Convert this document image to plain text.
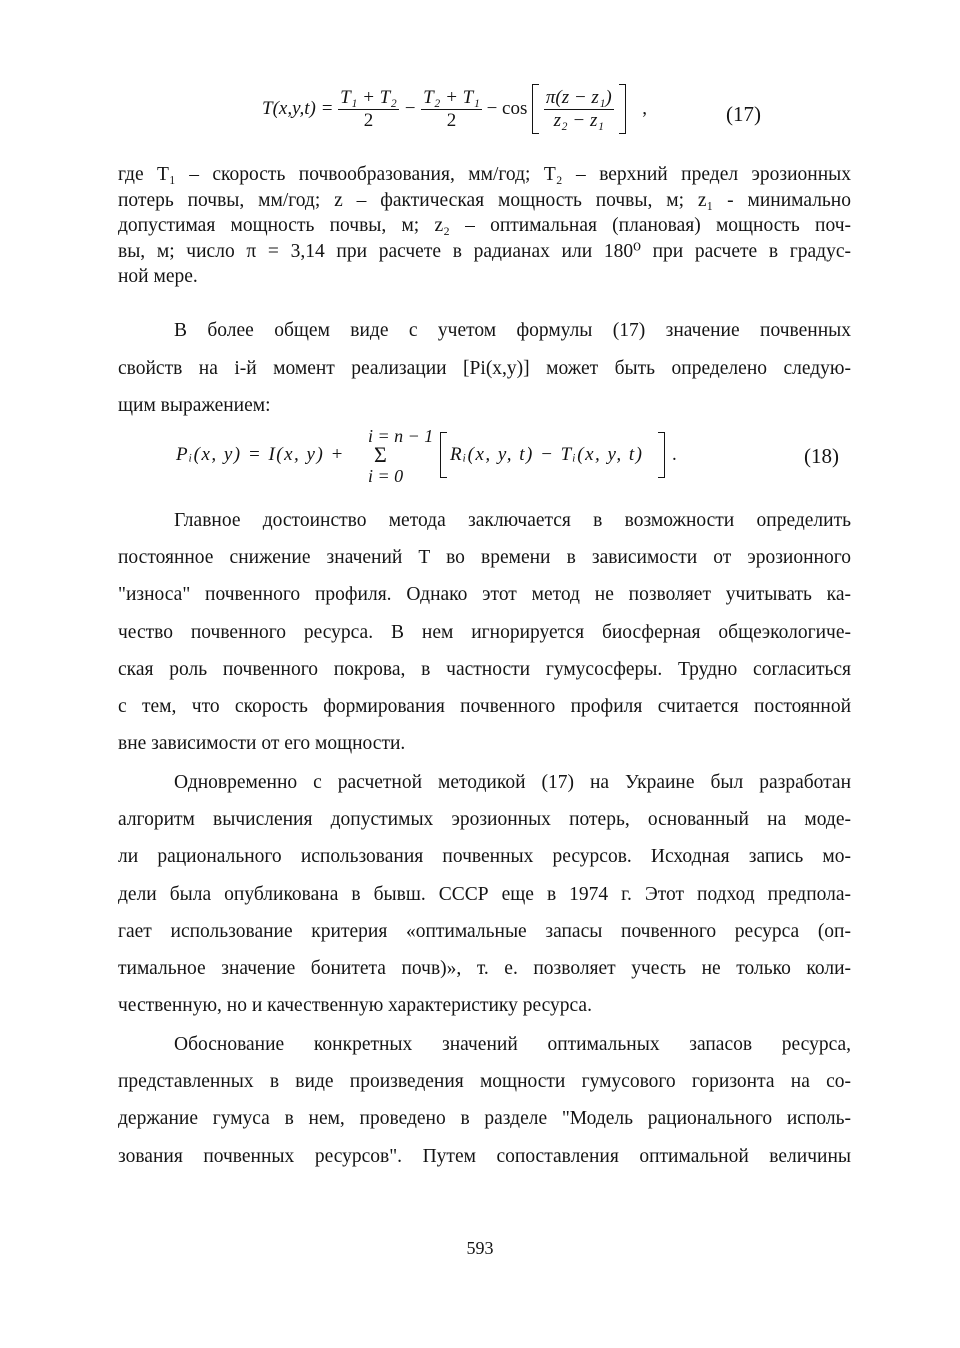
$T(x,y,t) = \frac{\text{T₁ + T₂}}{2} - \frac{\text{T₂ + T₁}}{2} - \cos \frac{\text{π(z − z₁)}}{\text{z₂ − z₁}}$ ,	(17)
где T₁ – скорость почвообразования, мм/год; T₂ – верхний предел эрозионных
потерь почвы, мм/год; z – фактическая мощность почвы, м; z₁ - минимально
допустимая мощность почвы, м; z₂ – оптимальная (плановая) мощность поч-
вы, м; число π = 3,14 при расчете в радианах или 180⁰ при расчете в градус-
ной мере.
В более общем виде с учетом формулы (17) значение почвенных
свойств на i-й момент реализации [Pi(x,y)] может быть определено следую-
щим выражением:
Pᵢ(x, y) = I(x, y) +
i = n − 1
Σ
i = 0
Rᵢ(x, y, t) − Tᵢ(x, y, t) .	(18)
Главное достоинство метода заключается в возможности определить
постоянное снижение значений T во времени в зависимости от эрозионного
"износа" почвенного профиля. Однако этот метод не позволяет учитывать ка-
чество почвенного ресурса. В нем игнорируется биосферная общеэкологиче-
ская роль почвенного покрова, в частности гумусосферы. Трудно согласиться
с тем, что скорость формирования почвенного профиля считается постоянной
вне зависимости от его мощности.
Одновременно с расчетной методикой (17) на Украине был разработан
алгоритм вычисления допустимых эрозионных потерь, основанный на моде-
ли рационального использования почвенных ресурсов. Исходная запись мо-
дели была опубликована в бывш. СССР еще в 1974 г. Этот подход предпола-
гает использование критерия «оптимальные запасы почвенного ресурса (оп-
тимальное значение бонитета почв)», т. е. позволяет учесть не только коли-
чественную, но и качественную характеристику ресурса.
Обоснование конкретных значений оптимальных запасов ресурса,
представленных в виде произведения мощности гумусового горизонта на со-
держание гумуса в нем, проведено в разделе "Модель рационального исполь-
зования почвенных ресурсов". Путем сопоставления оптимальной величины
593
